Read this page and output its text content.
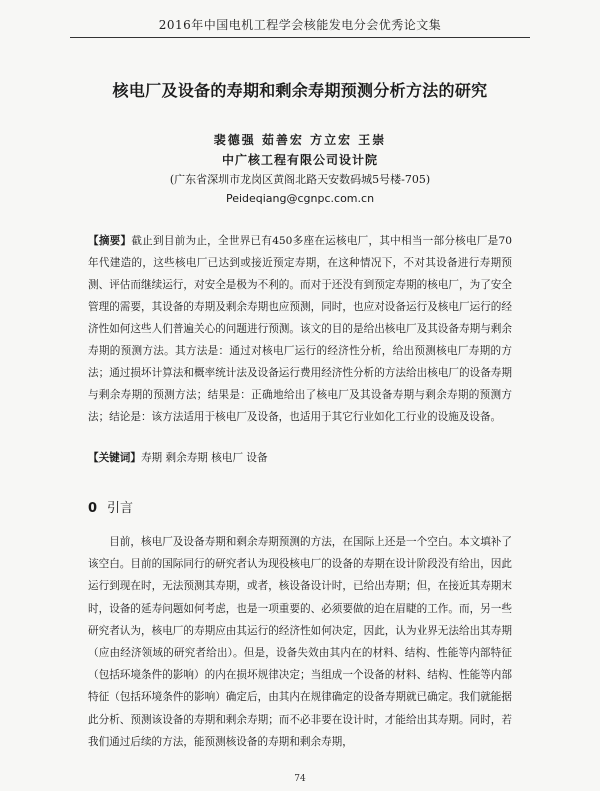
2016年中国电机工程学会核能发电分会优秀论文集
核电厂及设备的寿期和剩余寿期预测分析方法的研究
裴德强 茹善宏 方立宏 王崇
中广核工程有限公司设计院
(广东省深圳市龙岗区黄阁北路天安数码城5号楼-705)
Peideqiang@cgnpc.com.cn
【摘要】截止到目前为止，全世界已有450多座在运核电厂，其中相当一部分核电厂是70年代建造的，这些核电厂已达到或接近预定寿期，在这种情况下，不对其设备进行寿期预测、评估而继续运行，对安全是极为不利的。而对于还没有到预定寿期的核电厂，为了安全管理的需要，其设备的寿期及剩余寿期也应预测，同时，也应对设备运行及核电厂运行的经济性如何这些人们普遍关心的问题进行预测。该文的目的是给出核电厂及其设备寿期与剩余寿期的预测方法。其方法是：通过对核电厂运行的经济性分析，给出预测核电厂寿期的方法；通过损坏计算法和概率统计法及设备运行费用经济性分析的方法给出核电厂的设备寿期与剩余寿期的预测方法；结果是：正确地给出了核电厂及其设备寿期与剩余寿期的预测方法；结论是：该方法适用于核电厂及设备，也适用于其它行业如化工行业的设施及设备。
【关键词】寿期 剩余寿期 核电厂 设备
0 引言
目前，核电厂及设备寿期和剩余寿期预测的方法，在国际上还是一个空白。本文填补了该空白。目前的国际同行的研究者认为现役核电厂的设备的寿期在设计阶段没有给出，因此运行到现在时，无法预测其寿期，或者，核设备设计时，已给出寿期；但，在接近其寿期末时，设备的延寿问题如何考虑，也是一项重要的、必须要做的迫在眉睫的工作。而，另一些研究者认为，核电厂的寿期应由其运行的经济性如何决定，因此，认为业界无法给出其寿期（应由经济领域的研究者给出）。但是，设备失效由其内在的材料、结构、性能等内部特征（包括环境条件的影响）的内在损坏规律决定；当组成一个设备的材料、结构、性能等内部特征（包括环境条件的影响）确定后，由其内在规律确定的设备寿期就已确定。我们就能据此分析、预测该设备的寿期和剩余寿期；而不必非要在设计时，才能给出其寿期。同时，若我们通过后续的方法，能预测核设备的寿期和剩余寿期，
74
